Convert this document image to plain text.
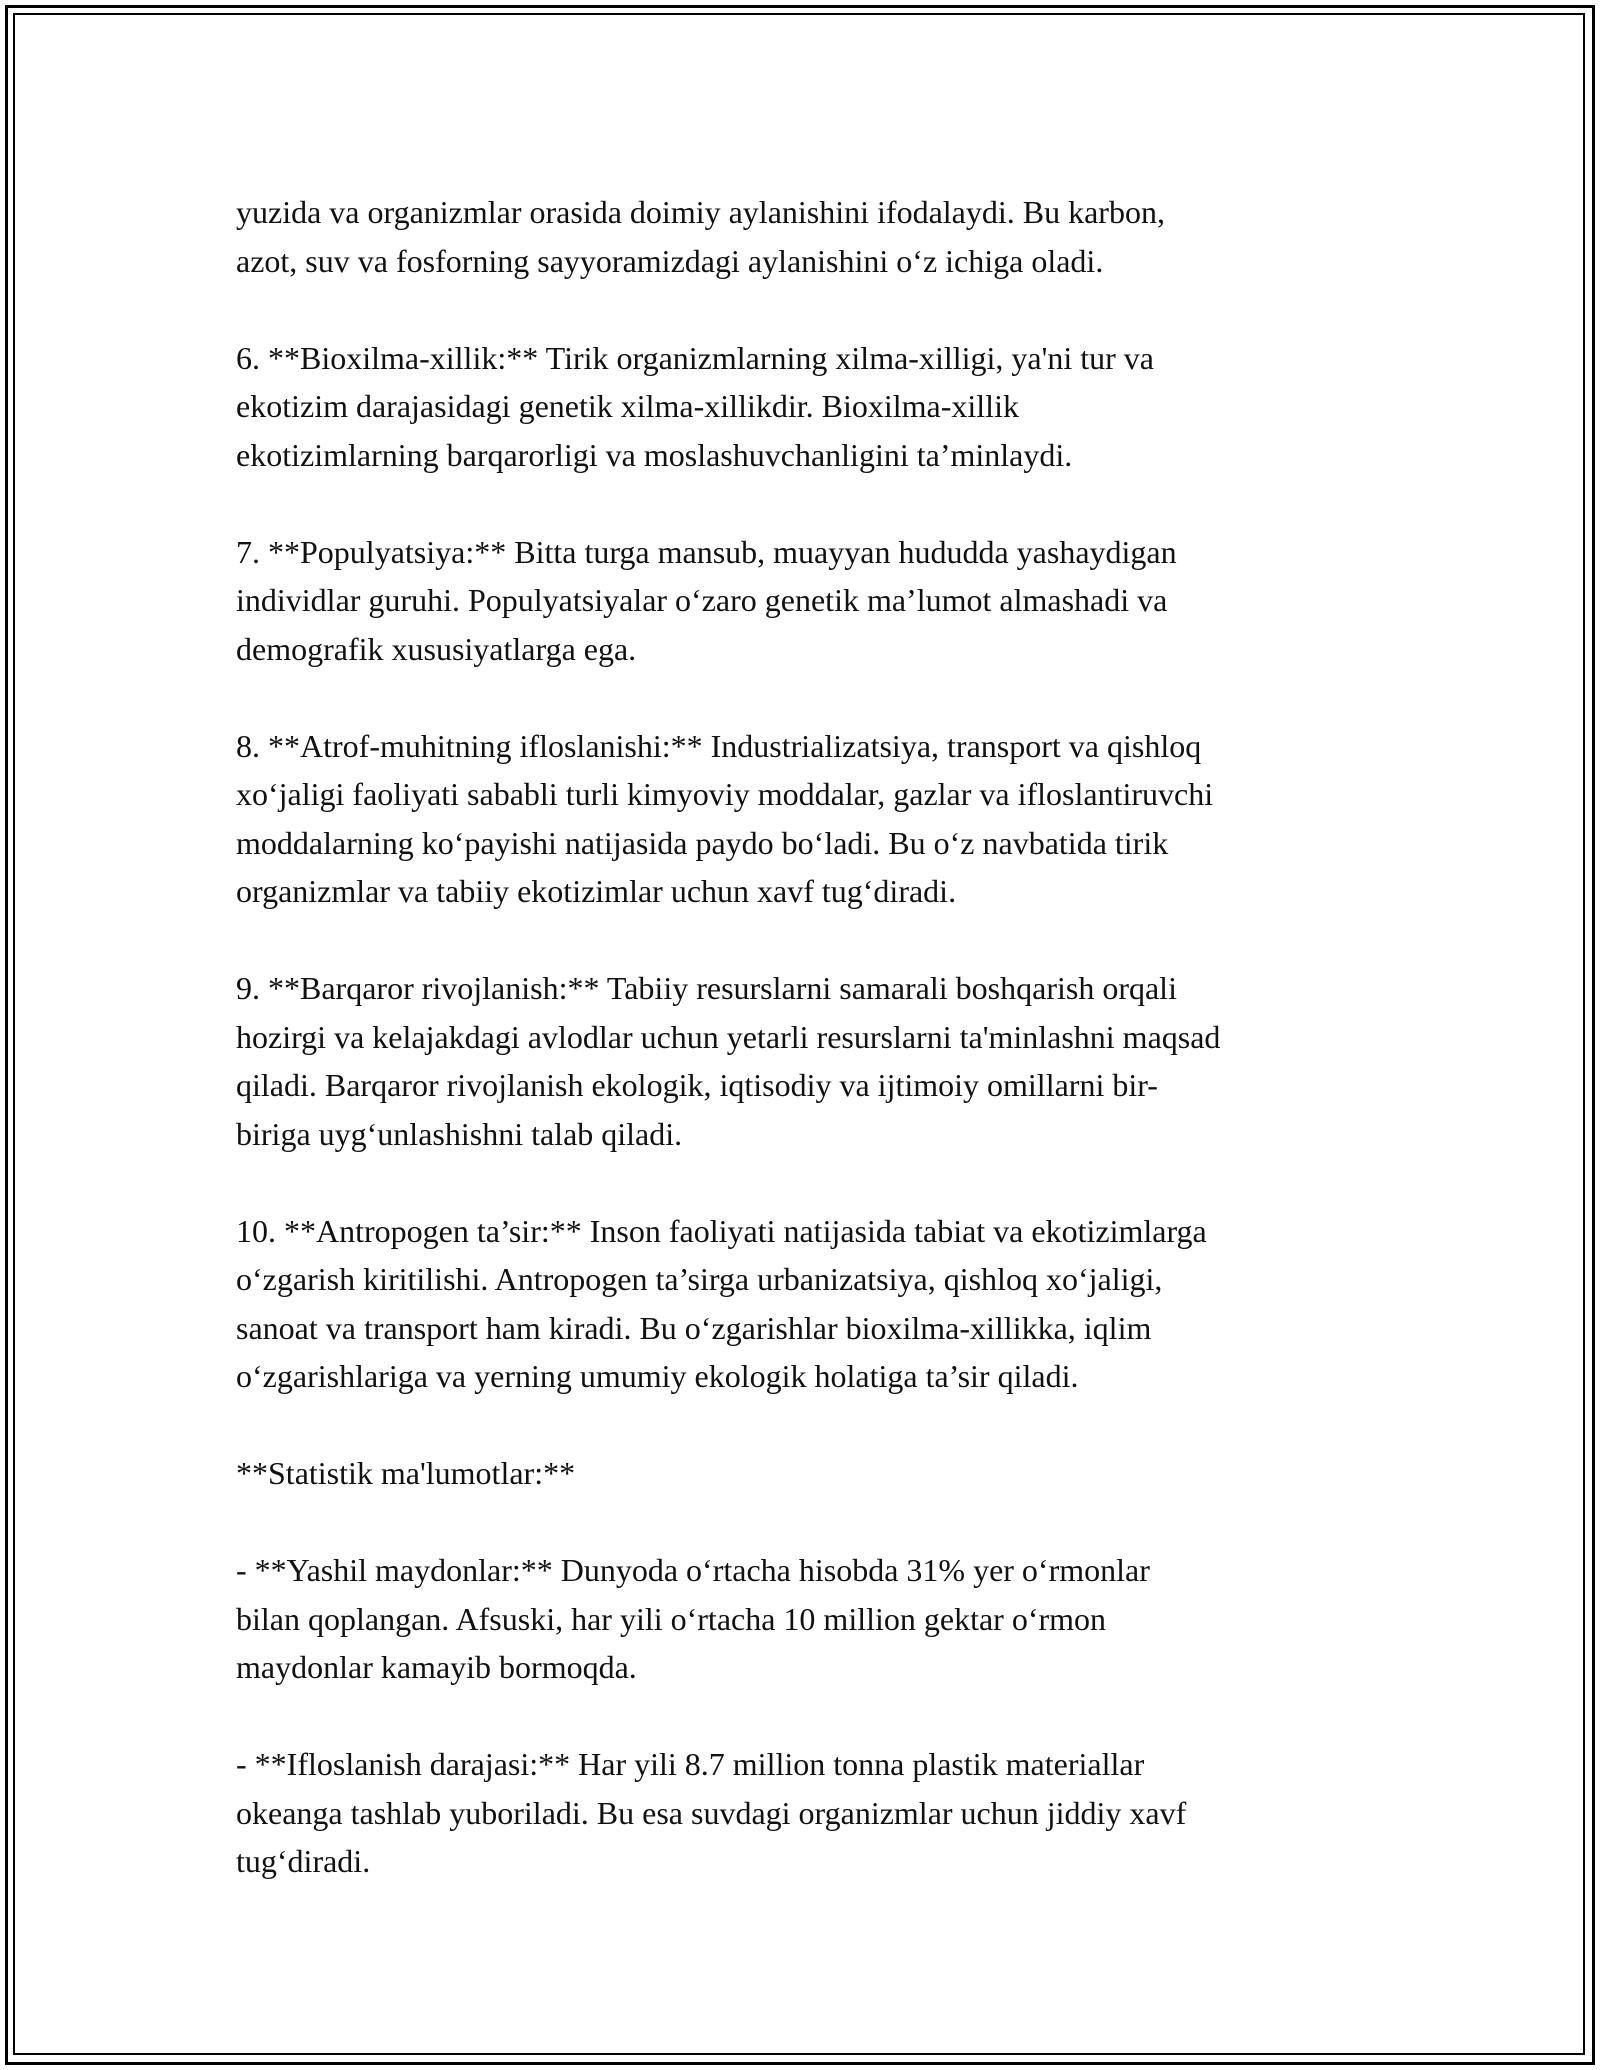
yuzida va organizmlar orasida doimiy aylanishini ifodalaydi. Bu karbon,
azot, suv va fosforning sayyoramizdagi aylanishini o‘z ichiga oladi.

6. **Bioxilma-xillik:** Tirik organizmlarning xilma-xilligi, ya'ni tur va
ekotizim darajasidagi genetik xilma-xillikdir. Bioxilma-xillik
ekotizimlarning barqarorligi va moslashuvchanligini ta’minlaydi.

7. **Populyatsiya:** Bitta turga mansub, muayyan hududda yashaydigan
individlar guruhi. Populyatsiyalar o‘zaro genetik ma’lumot almashadi va
demografik xususiyatlarga ega.

8. **Atrof-muhitning ifloslanishi:** Industrializatsiya, transport va qishloq
xo‘jaligi faoliyati sababli turli kimyoviy moddalar, gazlar va ifloslantiruvchi
moddalarning ko‘payishi natijasida paydo bo‘ladi. Bu o‘z navbatida tirik
organizmlar va tabiiy ekotizimlar uchun xavf tug‘diradi.

9. **Barqaror rivojlanish:** Tabiiy resurslarni samarali boshqarish orqali
hozirgi va kelajakdagi avlodlar uchun yetarli resurslarni ta'minlashni maqsad
qiladi. Barqaror rivojlanish ekologik, iqtisodiy va ijtimoiy omillarni bir-
biriga uyg‘unlashishni talab qiladi.

10. **Antropogen ta’sir:** Inson faoliyati natijasida tabiat va ekotizimlarga
o‘zgarish kiritilishi. Antropogen ta’sirga urbanizatsiya, qishloq xo‘jaligi,
sanoat va transport ham kiradi. Bu o‘zgarishlar bioxilma-xillikka, iqlim
o‘zgarishlariga va yerning umumiy ekologik holatiga ta’sir qiladi.

**Statistik ma'lumotlar:**

- **Yashil maydonlar:** Dunyoda o‘rtacha hisobda 31% yer o‘rmonlar
bilan qoplangan. Afsuski, har yili o‘rtacha 10 million gektar o‘rmon
maydonlar kamayib bormoqda.

- **Ifloslanish darajasi:** Har yili 8.7 million tonna plastik materiallar
okeanga tashlab yuboriladi. Bu esa suvdagi organizmlar uchun jiddiy xavf
tug‘diradi.
